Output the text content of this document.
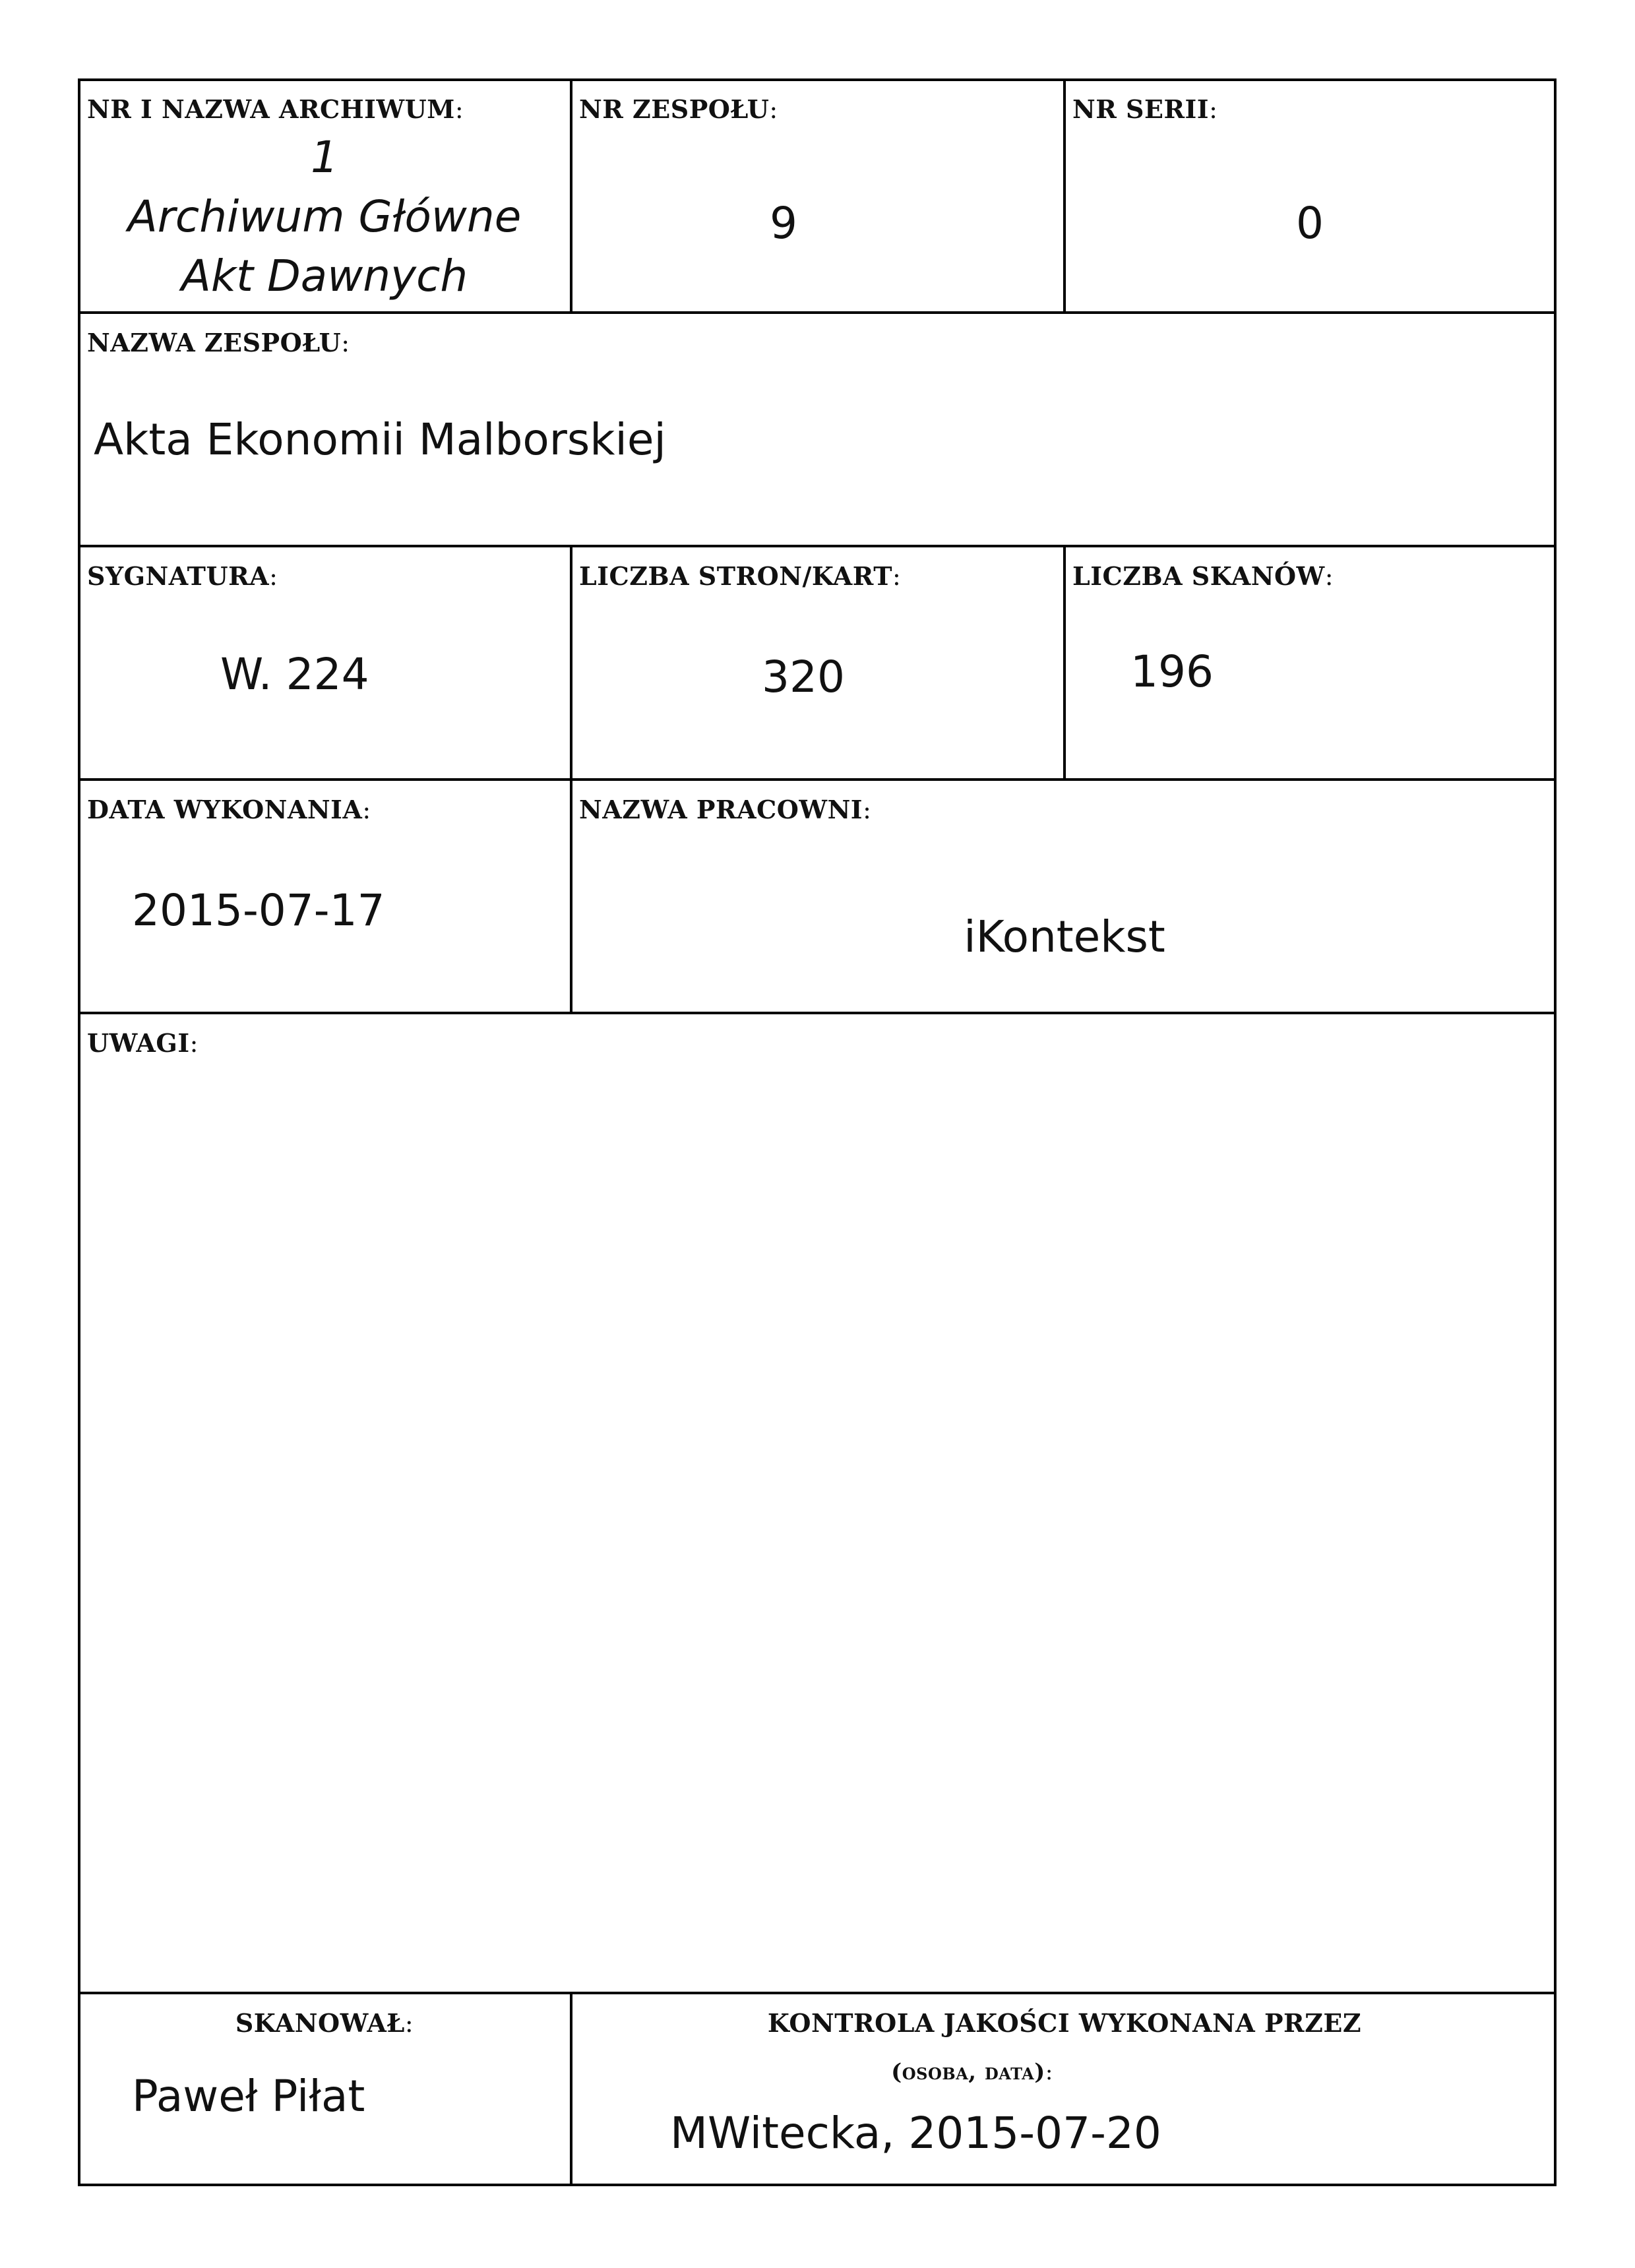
NR I NAZWA ARCHIWUM:
1
Archiwum Główne
Akt Dawnych
NR ZESPOŁU:
9
NR SERII:
0
NAZWA ZESPOŁU:
Akta Ekonomii Malborskiej
SYGNATURA:
W. 224
LICZBA STRON/KART:
320
LICZBA SKANÓW:
196
DATA WYKONANIA:
2015-07-17
NAZWA PRACOWNI:
iKontekst
UWAGI:
SKANOWAŁ:
Paweł Piłat
KONTROLA JAKOŚCI WYKONANA PRZEZ
(osoba, data):
MWitecka, 2015-07-20
